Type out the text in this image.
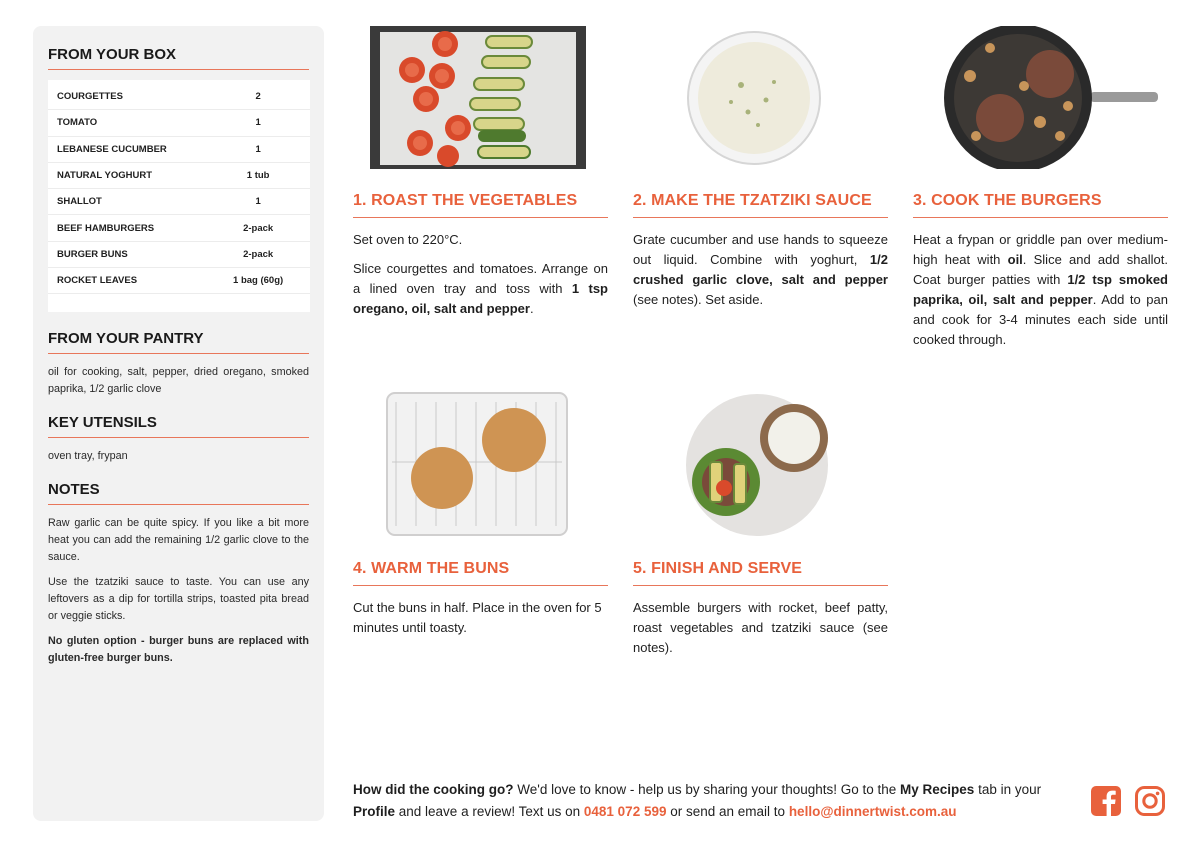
FROM YOUR BOX
COURGETTES	2
TOMATO	1
LEBANESE CUCUMBER	1
NATURAL YOGHURT	1 tub
SHALLOT	1
BEEF HAMBURGERS	2-pack
BURGER BUNS	2-pack
ROCKET LEAVES	1 bag (60g)
FROM YOUR PANTRY

oil for cooking, salt, pepper, dried oregano, smoked paprika, 1/2 garlic clove

KEY UTENSILS

oven tray, frypan

NOTES

Raw garlic can be quite spicy. If you like a bit more heat you can add the remaining 1/2 garlic clove to the sauce.

Use the tzatziki sauce to taste. You can use any leftovers as a dip for tortilla strips, toasted pita bread or veggie sticks.

No gluten option - burger buns are replaced with gluten-free burger buns.

1. ROAST THE VEGETABLES

Set oven to 220°C.

Slice courgettes and tomatoes. Arrange on a lined oven tray and toss with 1 tsp oregano, oil, salt and pepper.

2. MAKE THE TZATZIKI SAUCE

Grate cucumber and use hands to squeeze out liquid. Combine with yoghurt, 1/2 crushed garlic clove, salt and pepper (see notes). Set aside.

3. COOK THE BURGERS

Heat a frypan or griddle pan over medium-high heat with oil. Slice and add shallot. Coat burger patties with 1/2 tsp smoked paprika, oil, salt and pepper. Add to pan and cook for 3-4 minutes each side until cooked through.

4. WARM THE BUNS

Cut the buns in half. Place in the oven for 5 minutes until toasty.

5. FINISH AND SERVE

Assemble burgers with rocket, beef patty, roast vegetables and tzatziki sauce (see notes).

How did the cooking go? We'd love to know - help us by sharing your thoughts! Go to the My Recipes tab in your Profile and leave a review! Text us on 0481 072 599 or send an email to hello@dinnertwist.com.au
